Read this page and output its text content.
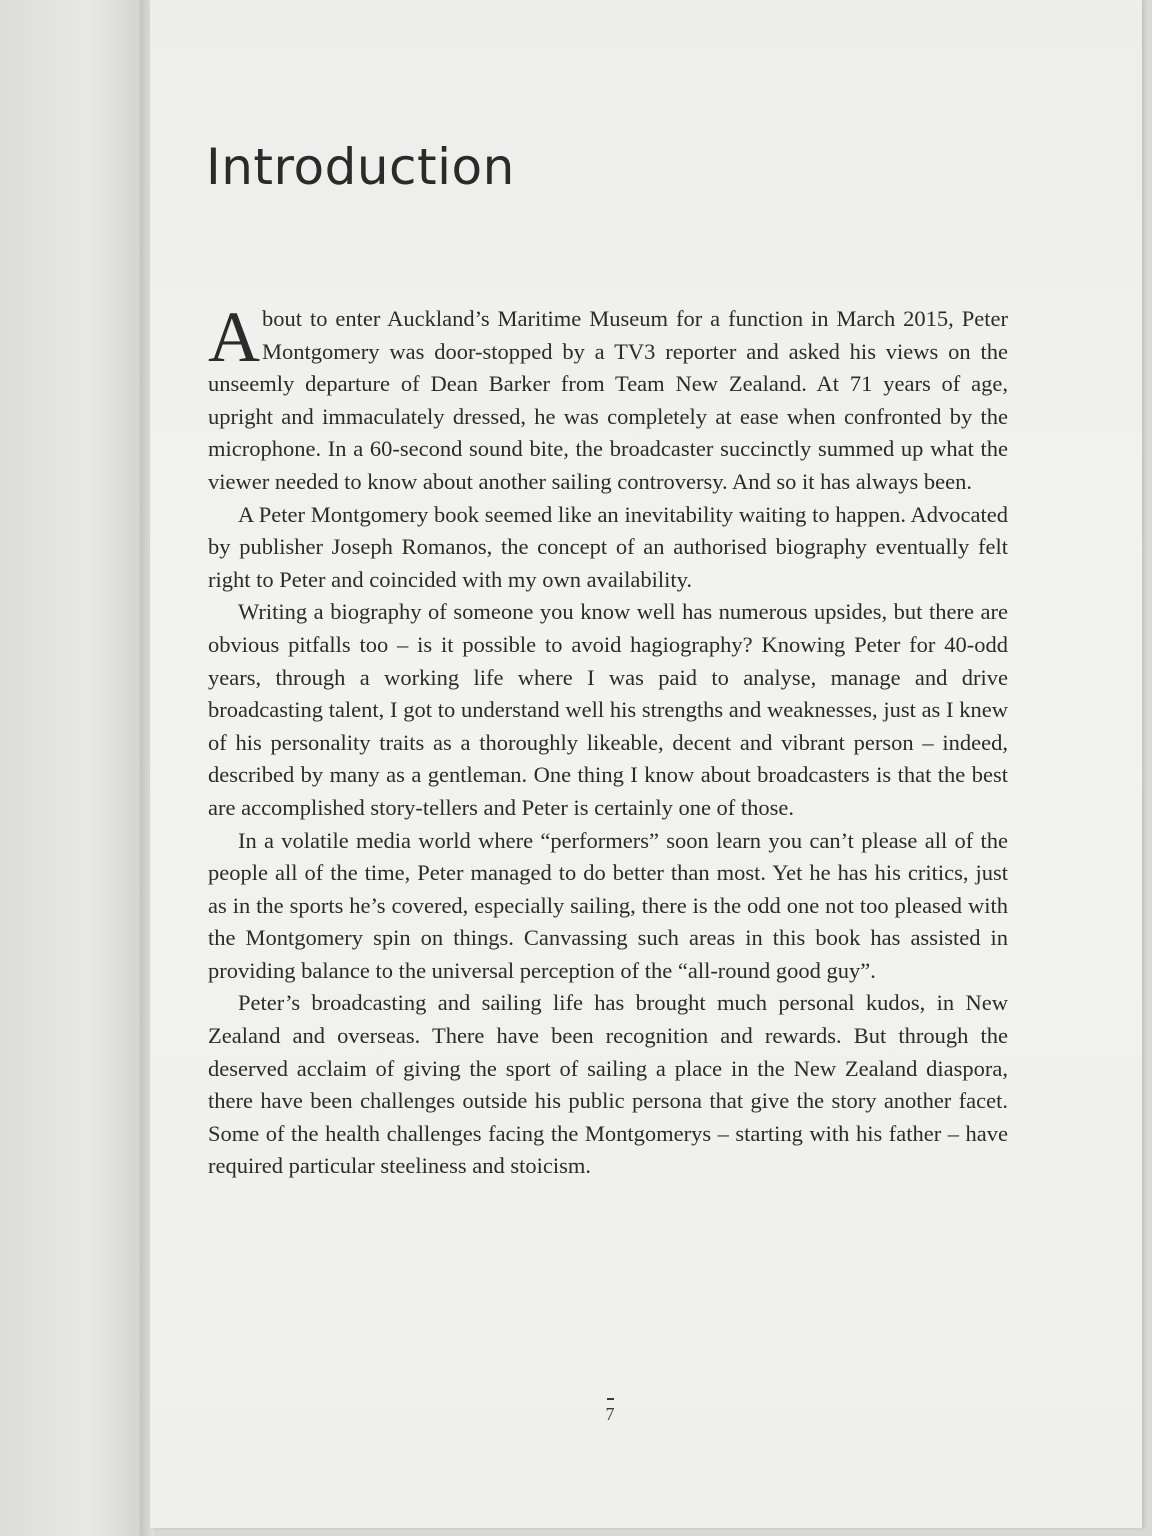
Introduction

About to enter Auckland’s Maritime Museum for a function in March 2015, Peter Montgomery was door-stopped by a TV3 reporter and asked his views on the unseemly departure of Dean Barker from Team New Zealand. At 71 years of age, upright and immaculately dressed, he was completely at ease when confronted by the microphone. In a 60-second sound bite, the broadcaster succinctly summed up what the viewer needed to know about another sailing controversy. And so it has always been.

A Peter Montgomery book seemed like an inevitability waiting to happen. Advocated by publisher Joseph Romanos, the concept of an authorised biography eventually felt right to Peter and coincided with my own availability.

Writing a biography of someone you know well has numerous upsides, but there are obvious pitfalls too – is it possible to avoid hagiography? Knowing Peter for 40-odd years, through a working life where I was paid to analyse, manage and drive broadcasting talent, I got to understand well his strengths and weaknesses, just as I knew of his personality traits as a thoroughly likeable, decent and vibrant person – indeed, described by many as a gentleman. One thing I know about broadcasters is that the best are accomplished story-tellers and Peter is certainly one of those.

In a volatile media world where “performers” soon learn you can’t please all of the people all of the time, Peter managed to do better than most. Yet he has his critics, just as in the sports he’s covered, especially sailing, there is the odd one not too pleased with the Montgomery spin on things. Canvassing such areas in this book has assisted in providing balance to the universal perception of the “all-round good guy”.

Peter’s broadcasting and sailing life has brought much personal kudos, in New Zealand and overseas. There have been recognition and rewards. But through the deserved acclaim of giving the sport of sailing a place in the New Zealand diaspora, there have been challenges outside his public persona that give the story another facet. Some of the health challenges facing the Montgomerys – starting with his father – have required particular steeliness and stoicism.

7
